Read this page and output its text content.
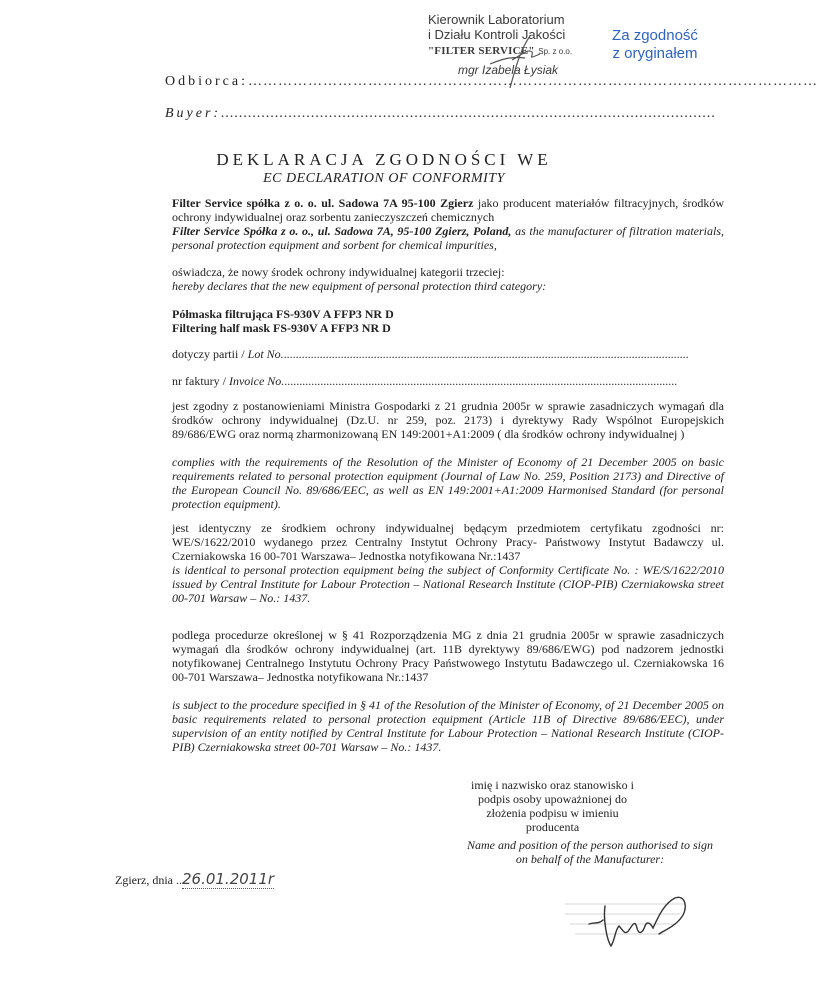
Kierownik Laboratorium
i Działu Kontroli Jakości
"FILTER SERVICE" Sp. z o.o.
mgr Izabela Łysiak
Za zgodność
z oryginałem
Odbiorca:……………………………………………………………………………………………………
Buyer:..............................................................................................................
DEKLARACJA ZGODNOŚCI WE
EC DECLARATION OF CONFORMITY
Filter Service spółka z o. o. ul. Sadowa 7A 95-100 Zgierz jako producent materiałów filtracyjnych, środków ochrony indywidualnej oraz sorbentu zanieczyszczeń chemicznych
Filter Service Spółka z o. o., ul. Sadowa 7A, 95-100 Zgierz, Poland, as the manufacturer of filtration materials, personal protection equipment and sorbent for chemical impurities,
oświadcza, że nowy środek ochrony indywidualnej kategorii trzeciej:
hereby declares that the new equipment of personal protection third category:
Półmaska filtrująca FS-930V A FFP3 NR D
Filtering half mask FS-930V A FFP3 NR D
dotyczy partii / Lot No........................................................................................................................................
nr faktury / Invoice No....................................................................................................................................
jest zgodny z postanowieniami Ministra Gospodarki z 21 grudnia 2005r w sprawie zasadniczych wymagań dla środków ochrony indywidualnej (Dz.U. nr 259, poz. 2173) i dyrektywy Rady Wspólnot Europejskich 89/686/EWG oraz normą zharmonizowaną EN 149:2001+A1:2009 ( dla środków ochrony indywidualnej )
complies with the requirements of the Resolution of the Minister of Economy of 21 December 2005 on basic requirements related to personal protection equipment (Journal of Law No. 259, Position 2173) and Directive of the European Council No. 89/686/EEC, as well as EN 149:2001+A1:2009 Harmonised Standard (for personal protection equipment).
jest identyczny ze środkiem ochrony indywidualnej będącym przedmiotem certyfikatu zgodności nr: WE/S/1622/2010 wydanego przez Centralny Instytut Ochrony Pracy- Państwowy Instytut Badawczy ul. Czerniakowska 16 00-701 Warszawa– Jednostka notyfikowana Nr.:1437
is identical to personal protection equipment being the subject of Conformity Certificate No. : WE/S/1622/2010 issued by Central Institute for Labour Protection – National Research Institute (CIOP-PIB) Czerniakowska street 00-701 Warsaw – No.: 1437.
podlega procedurze określonej w § 41 Rozporządzenia MG z dnia 21 grudnia 2005r w sprawie zasadniczych wymagań dla środków ochrony indywidualnej (art. 11B dyrektywy 89/686/EWG) pod nadzorem jednostki notyfikowanej Centralnego Instytutu Ochrony Pracy Państwowego Instytutu Badawczego ul. Czerniakowska 16 00-701 Warszawa– Jednostka notyfikowana Nr.:1437
is subject to the procedure specified in § 41 of the Resolution of the Minister of Economy, of 21 December 2005 on basic requirements related to personal protection equipment (Article 11B of Directive 89/686/EEC), under supervision of an entity notified by Central Institute for Labour Protection – National Research Institute (CIOP-PIB) Czerniakowska street 00-701 Warsaw – No.: 1437.
imię i nazwisko oraz stanowisko i podpis osoby upoważnionej do złożenia podpisu w imieniu producenta
Name and position of the person authorised to sign on behalf of the Manufacturer:
Zgierz, dnia ..26.01.2011r
